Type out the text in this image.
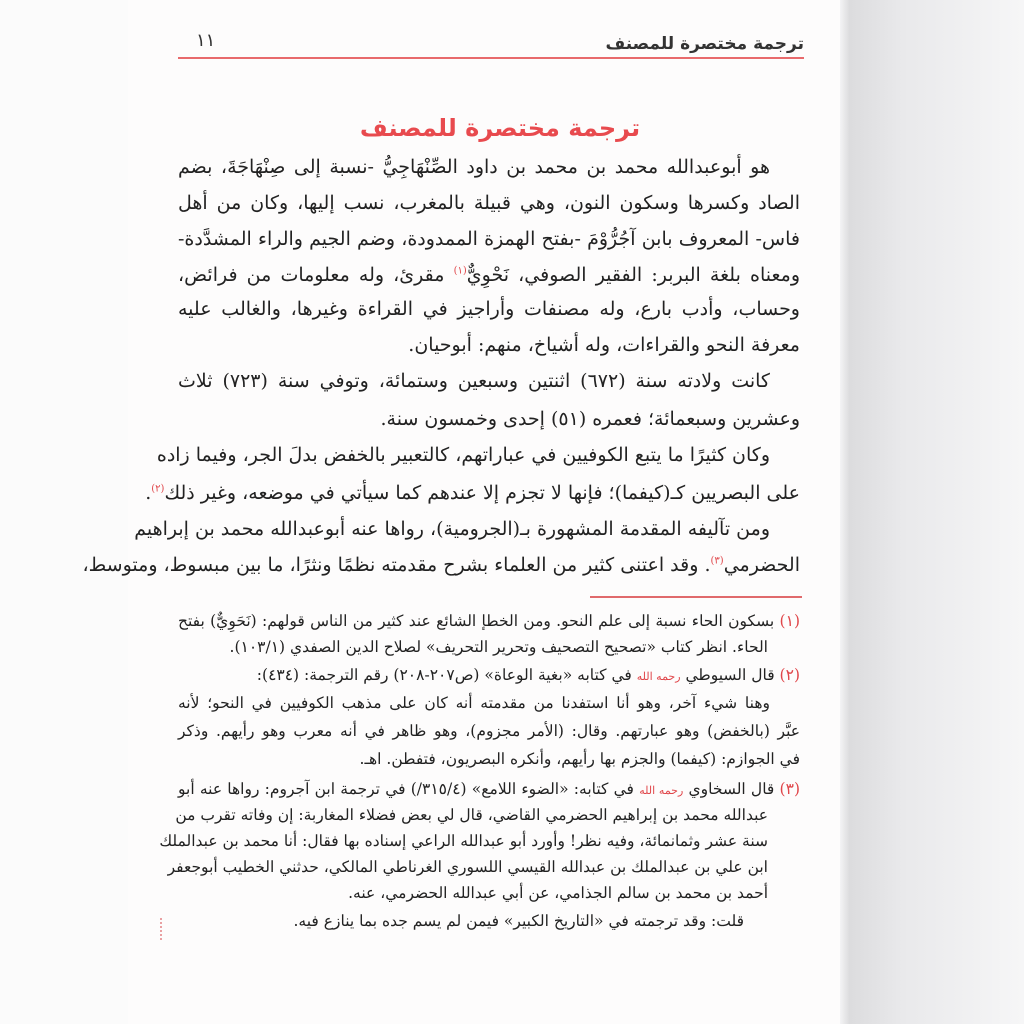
ترجمة مختصرة للمصنف
١١
ترجمة مختصرة للمصنف
هو أبوعبدالله محمد بن محمد بن داود الصِّنْهَاجِيُّ -نسبة إلى صِنْهَاجَةَ، بضم
الصاد وكسرها وسكون النون، وهي قبيلة بالمغرب، نسب إليها، وكان من أهل
فاس- المعروف بابن آجُرُّوْمَ -بفتح الهمزة الممدودة، وضم الجيم والراء المشدَّدة-
ومعناه بلغة البربر: الفقير الصوفي، نَحْوِيٌّ$^{(١)}$ مقرئ، وله معلومات من فرائض،
وحساب، وأدب بارع، وله مصنفات وأراجيز في القراءة وغيرها، والغالب عليه
معرفة النحو والقراءات، وله أشياخ، منهم: أبوحيان.
كانت ولادته سنة (٦٧٢) اثنتين وسبعين وستمائة، وتوفي سنة (٧٢٣) ثلاث
وعشرين وسبعمائة؛ فعمره (٥١) إحدى وخمسون سنة.
وكان كثيرًا ما يتبع الكوفيين في عباراتهم، كالتعبير بالخفض بدلَ الجر، وفيما زاده
على البصريين كـ(كيفما)؛ فإنها لا تجزم إلا عندهم كما سيأتي في موضعه، وغير ذلك$^{(٢)}$.
ومن تآليفه المقدمة المشهورة بـ(الجرومية)، رواها عنه أبوعبدالله محمد بن إبراهيم
الحضرمي$^{(٣)}$. وقد اعتنى كثير من العلماء بشرح مقدمته نظمًا ونثرًا، ما بين مبسوط، ومتوسط،
(١) بسكون الحاء نسبة إلى علم النحو. ومن الخطإ الشائع عند كثير من الناس قولهم: (نَحَوِيٌّ) بفتح
الحاء. انظر كتاب «تصحيح التصحيف وتحرير التحريف» لصلاح الدين الصفدي (١٠٣/١).
(٢) قال السيوطي رحمه الله في كتابه «بغية الوعاة» (ص٢٠٧-٢٠٨) رقم الترجمة: (٤٣٤):
وهنا شيء آخر، وهو أنا استفدنا من مقدمته أنه كان على مذهب الكوفيين في النحو؛ لأنه
عبَّر (بالخفض) وهو عبارتهم. وقال: (الأمر مجزوم)، وهو ظاهر في أنه معرب وهو رأيهم. وذكر
في الجوازم: (كيفما) والجزم بها رأيهم، وأنكره البصريون، فتفطن. اهـ.
(٣) قال السخاوي رحمه الله في كتابه: «الضوء اللامع» (٣١٥/٤/) في ترجمة ابن آجروم: رواها عنه أبو
عبدالله محمد بن إبراهيم الحضرمي القاضي، قال لي بعض فضلاء المغاربة: إن وفاته تقرب من
سنة عشر وثمانمائة، وفيه نظر! وأورد أبو عبدالله الراعي إسناده بها فقال: أنا محمد بن عبدالملك
ابن علي بن عبدالملك بن عبدالله القيسي اللسوري الغرناطي المالكي، حدثني الخطيب أبوجعفر
أحمد بن محمد بن سالم الجذامي، عن أبي عبدالله الحضرمي، عنه.
قلت: وقد ترجمته في «التاريخ الكبير» فيمن لم يسم جده بما ينازع فيه.
